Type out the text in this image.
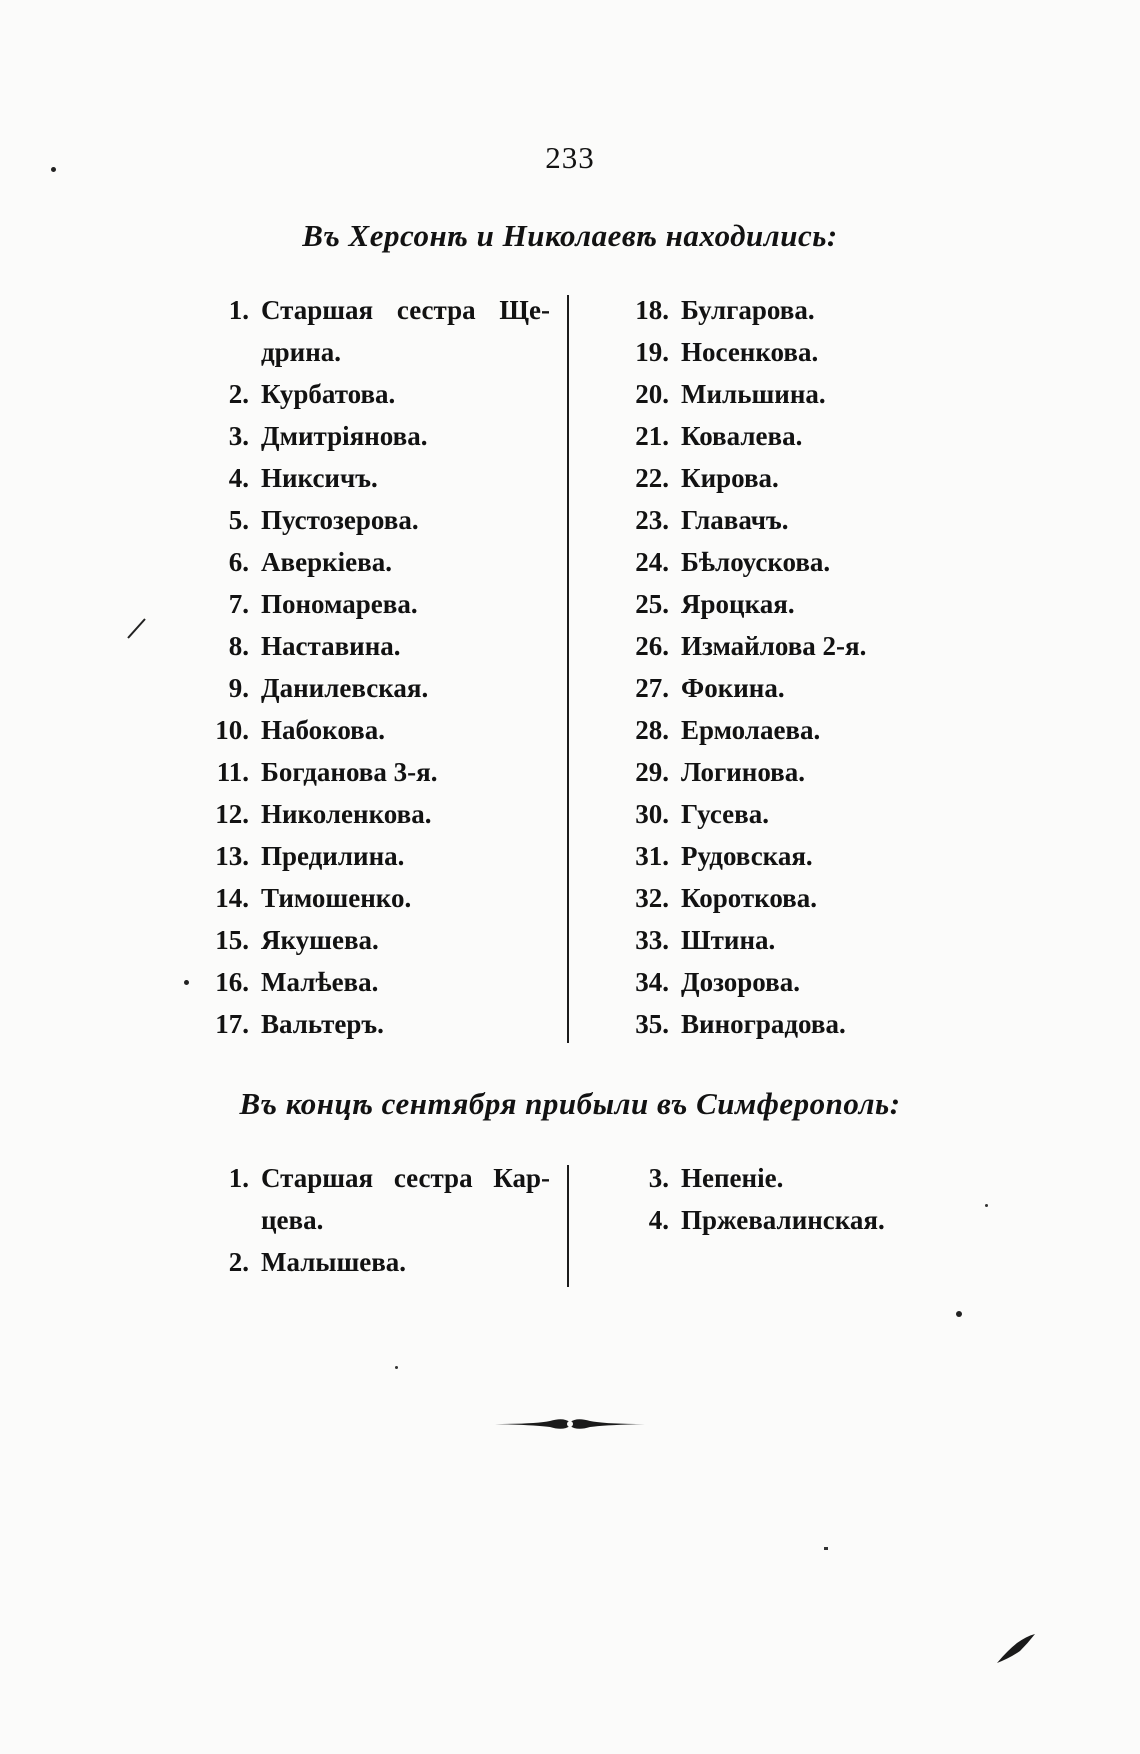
233
Въ Херсонѣ и Николаевѣ находились:
1. Старшая сестра Ще-
дрина.
2. Курбатова.
3. Дмитріянова.
4. Никсичъ.
5. Пустозерова.
6. Аверкіева.
7. Пономарева.
8. Наставина.
9. Данилевская.
10. Набокова.
11. Богданова 3-я.
12. Николенкова.
13. Предилина.
14. Тимошенко.
15. Якушева.
16. Малѣева.
17. Вальтеръ.
18. Булгарова.
19. Носенкова.
20. Мильшина.
21. Ковалева.
22. Кирова.
23. Главачъ.
24. Бѣлоускова.
25. Яроцкая.
26. Измайлова 2-я.
27. Фокина.
28. Ермолаева.
29. Логинова.
30. Гусева.
31. Рудовская.
32. Короткова.
33. Штина.
34. Дозорова.
35. Виноградова.
Въ концѣ сентября прибыли въ Симферополь:
1. Старшая сестра Кар-
цева.
2. Малышева.
3. Непеніе.
4. Пржевалинская.
